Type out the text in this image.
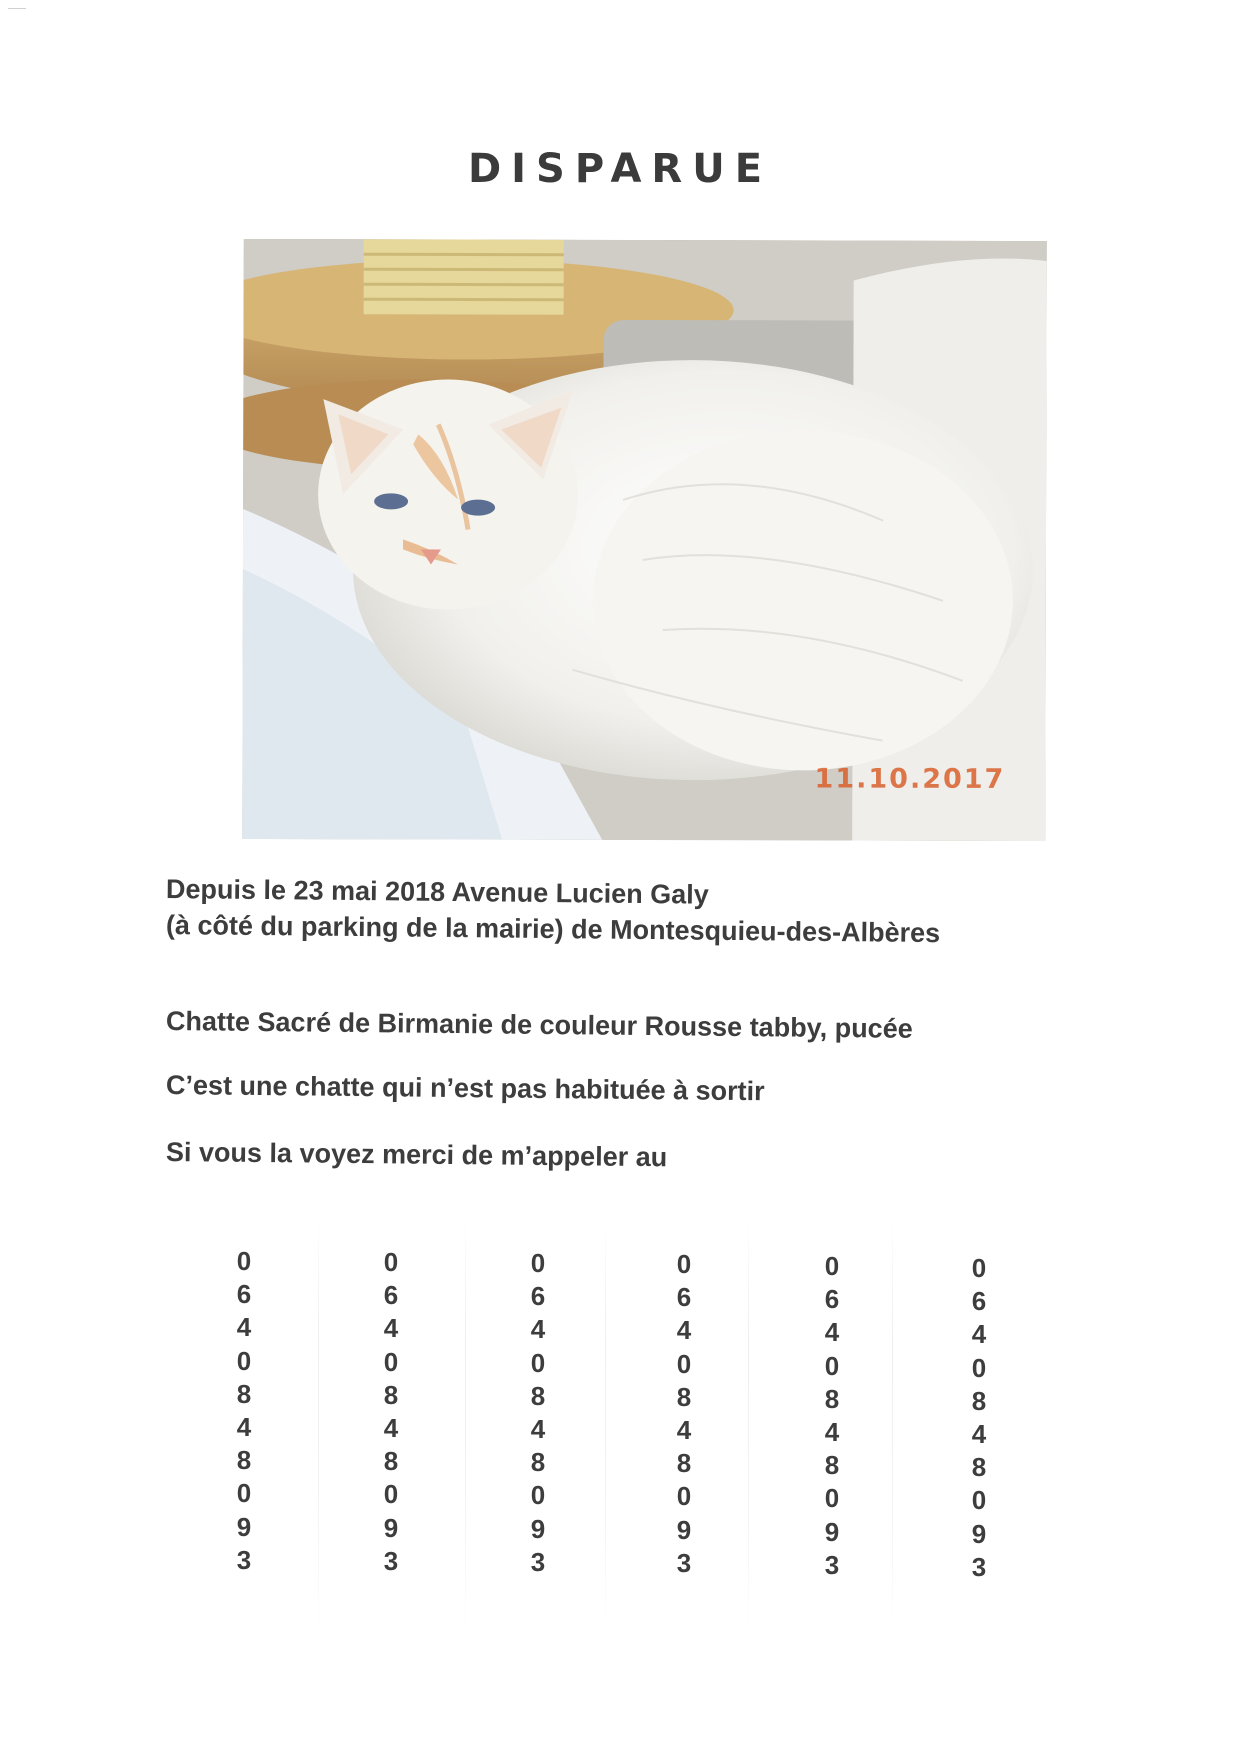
DISPARUE
11.10.2017
Depuis le 23 mai 2018 Avenue Lucien Galy
(à côté du parking de la mairie) de Montesquieu-des-Albères
Chatte Sacré de Birmanie de couleur Rousse tabby, pucée
C’est une chatte qui n’est pas habituée à sortir
Si vous la voyez merci de m’appeler au
0
6
4
0
8
4
8
0
9
3
0
6
4
0
8
4
8
0
9
3
0
6
4
0
8
4
8
0
9
3
0
6
4
0
8
4
8
0
9
3
0
6
4
0
8
4
8
0
9
3
0
6
4
0
8
4
8
0
9
3
